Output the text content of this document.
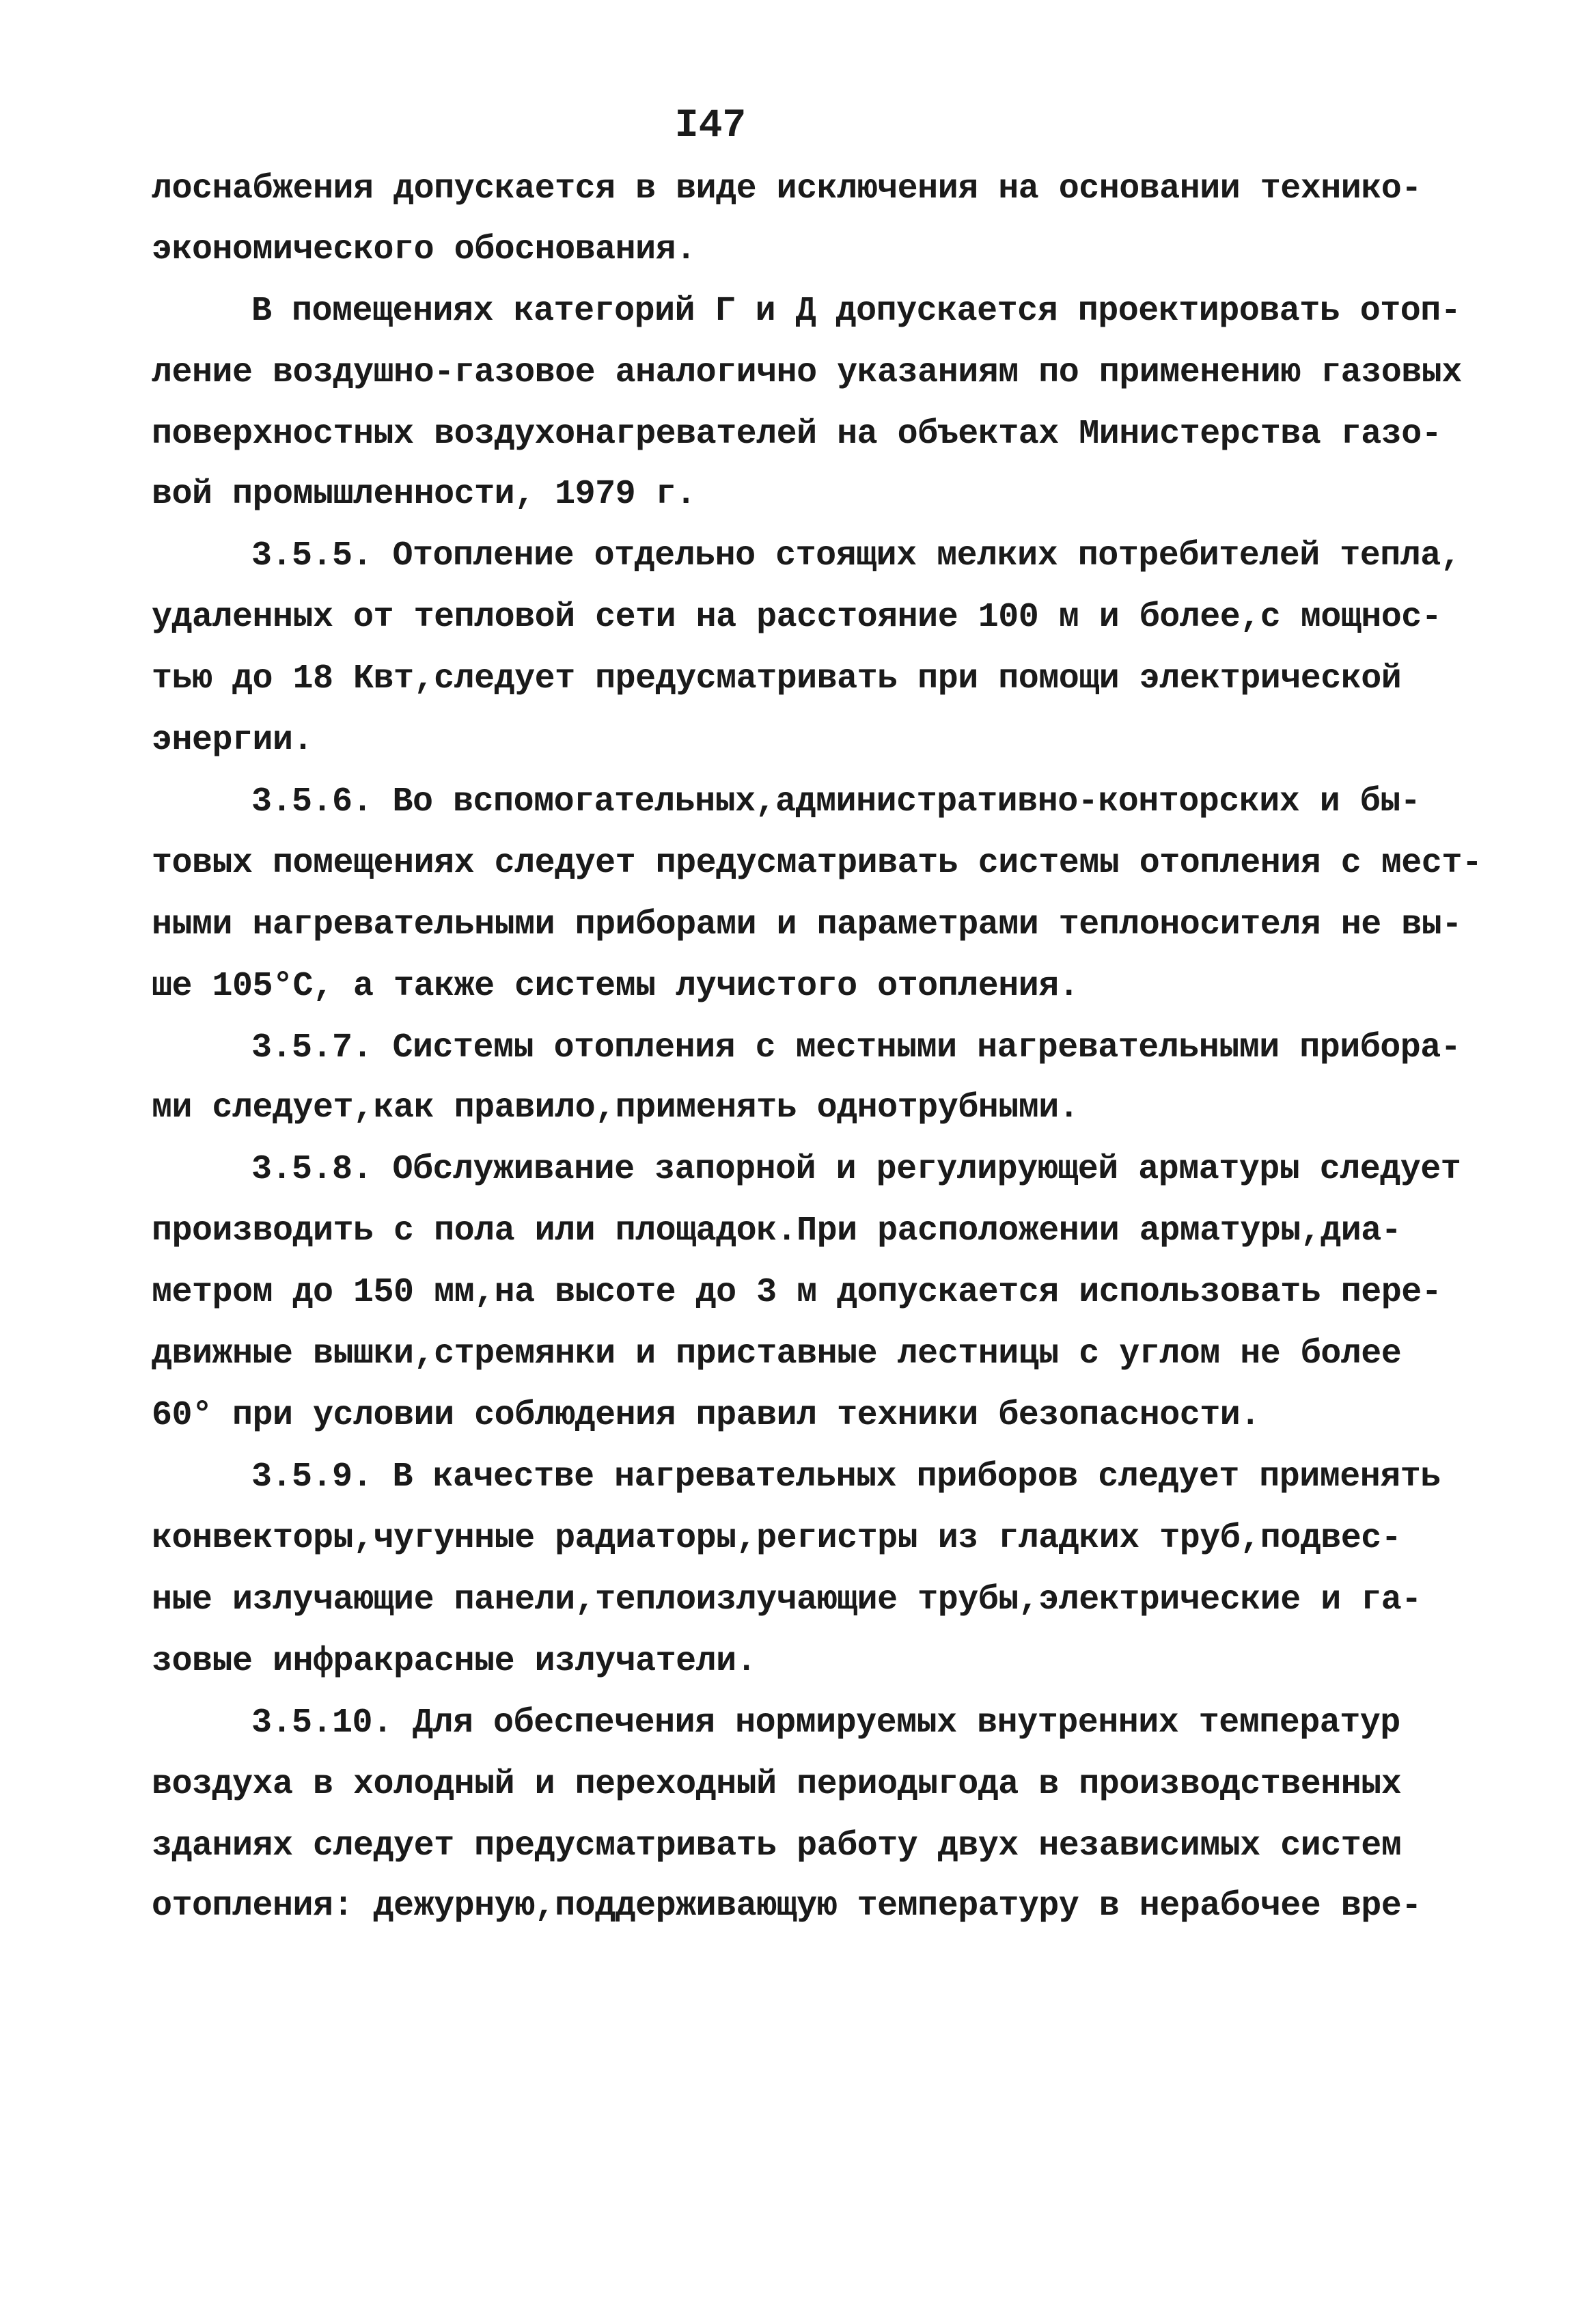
I47
лоснабжения допускается в виде исключения на основании технико-
экономического обоснования.
В помещениях категорий Г и Д допускается проектировать отоп-
ление воздушно-газовое аналогично указаниям по применению газовых
поверхностных воздухонагревателей на объектах Министерства газо-
вой промышленности, 1979 г.
3.5.5. Отопление отдельно стоящих мелких потребителей тепла,
удаленных от тепловой сети на расстояние 100 м и более,с мощнос-
тью до 18 Квт,следует предусматривать при помощи электрической
энергии.
3.5.6. Во вспомогательных,административно-конторских и бы-
товых помещениях следует предусматривать системы отопления с мест-
ными нагревательными приборами и параметрами теплоносителя не вы-
ше 105°С, а также системы лучистого отопления.
3.5.7. Системы отопления с местными нагревательными прибора-
ми следует,как правило,применять однотрубными.
3.5.8. Обслуживание запорной и регулирующей арматуры следует
производить с пола или площадок.При расположении арматуры,диа-
метром до 150 мм,на высоте до 3 м допускается использовать пере-
движные вышки,стремянки и приставные лестницы с углом не более
60° при условии соблюдения правил техники безопасности.
3.5.9. В качестве нагревательных приборов следует применять
конвекторы,чугунные радиаторы,регистры из гладких труб,подвес-
ные излучающие панели,теплоизлучающие трубы,электрические и га-
зовые инфракрасные излучатели.
3.5.10. Для обеспечения нормируемых внутренних температур
воздуха в холодный и переходный периодыгода в производственных
зданиях следует предусматривать работу двух независимых систем
отопления: дежурную,поддерживающую температуру в нерабочее вре-
